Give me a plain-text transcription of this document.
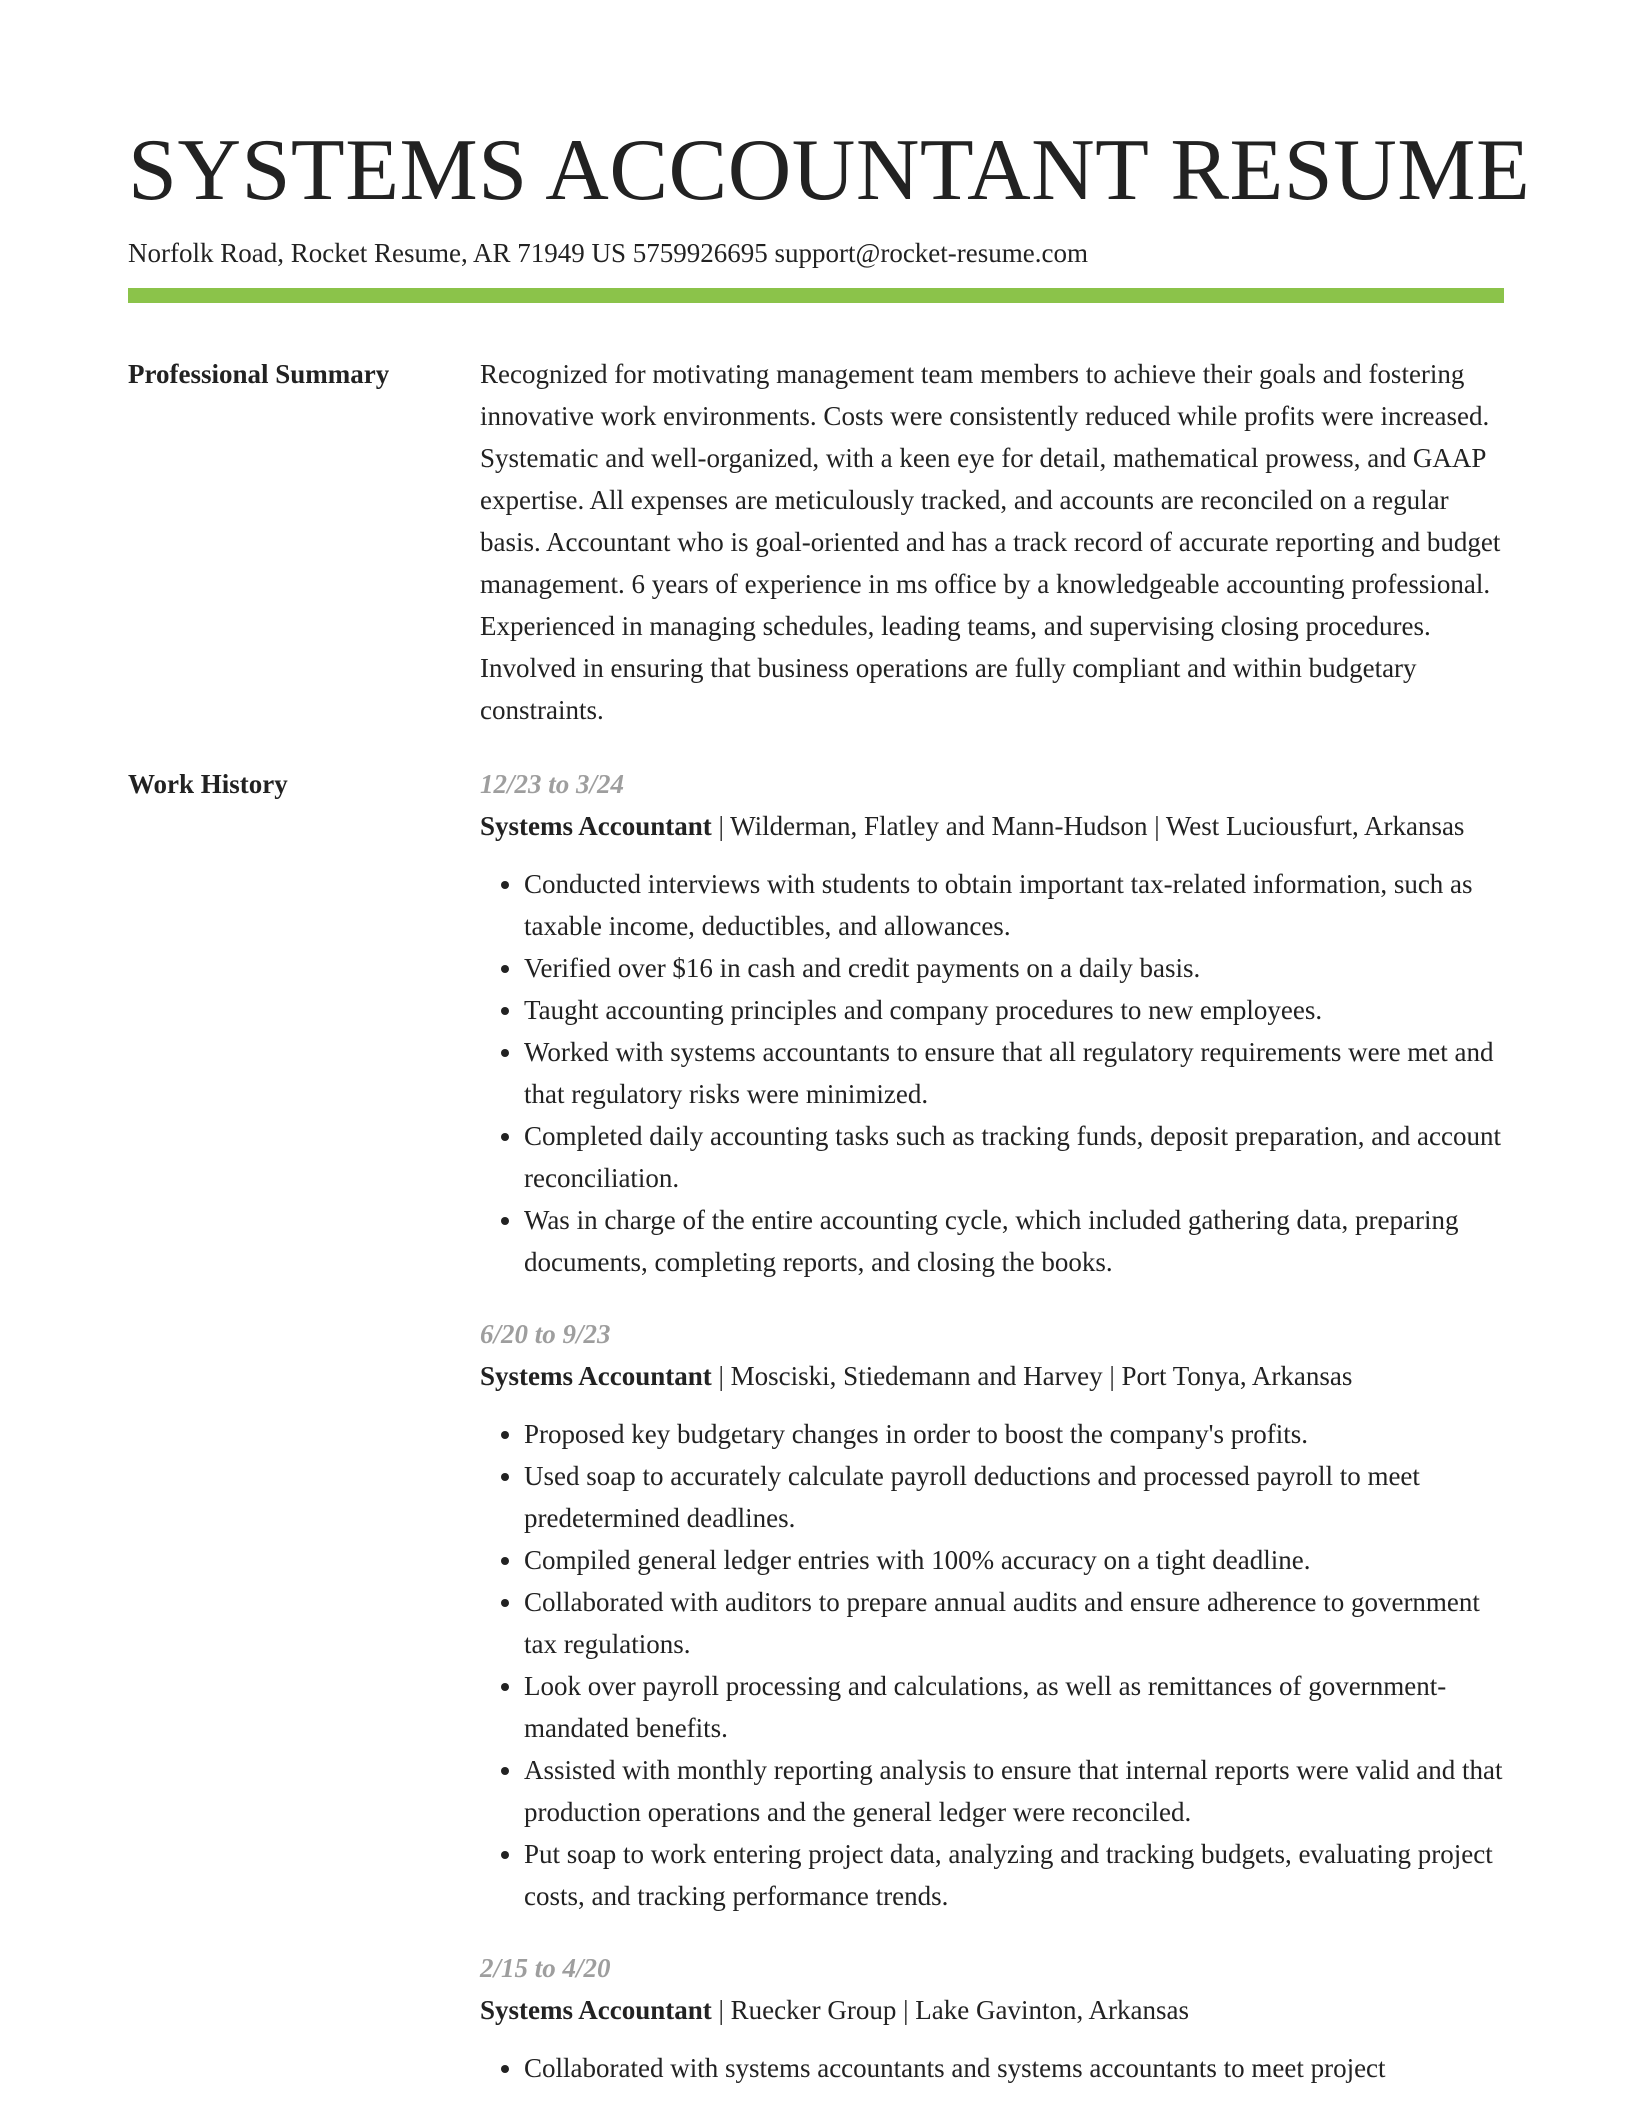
SYSTEMS ACCOUNTANT RESUME
Norfolk Road, Rocket Resume, AR 71949 US 5759926695 support@rocket-resume.com
Professional Summary	Recognized for motivating management team members to achieve their goals and fostering innovative work environments. Costs were consistently reduced while profits were increased. Systematic and well-organized, with a keen eye for detail, mathematical prowess, and GAAP expertise. All expenses are meticulously tracked, and accounts are reconciled on a regular basis. Accountant who is goal-oriented and has a track record of accurate reporting and budget management. 6 years of experience in ms office by a knowledgeable accounting professional. Experienced in managing schedules, leading teams, and supervising closing procedures. Involved in ensuring that business operations are fully compliant and within budgetary constraints.

Work History	12/23 to 3/24
Systems Accountant | Wilderman, Flatley and Mann-Hudson | West Luciousfurt, Arkansas
• Conducted interviews with students to obtain important tax-related information, such as taxable income, deductibles, and allowances.
• Verified over $16 in cash and credit payments on a daily basis.
• Taught accounting principles and company procedures to new employees.
• Worked with systems accountants to ensure that all regulatory requirements were met and that regulatory risks were minimized.
• Completed daily accounting tasks such as tracking funds, deposit preparation, and account reconciliation.
• Was in charge of the entire accounting cycle, which included gathering data, preparing documents, completing reports, and closing the books.
6/20 to 9/23
Systems Accountant | Mosciski, Stiedemann and Harvey | Port Tonya, Arkansas
• Proposed key budgetary changes in order to boost the company's profits.
• Used soap to accurately calculate payroll deductions and processed payroll to meet predetermined deadlines.
• Compiled general ledger entries with 100% accuracy on a tight deadline.
• Collaborated with auditors to prepare annual audits and ensure adherence to government tax regulations.
• Look over payroll processing and calculations, as well as remittances of government-mandated benefits.
• Assisted with monthly reporting analysis to ensure that internal reports were valid and that production operations and the general ledger were reconciled.
• Put soap to work entering project data, analyzing and tracking budgets, evaluating project costs, and tracking performance trends.
2/15 to 4/20
Systems Accountant | Ruecker Group | Lake Gavinton, Arkansas
• Collaborated with systems accountants and systems accountants to meet project
